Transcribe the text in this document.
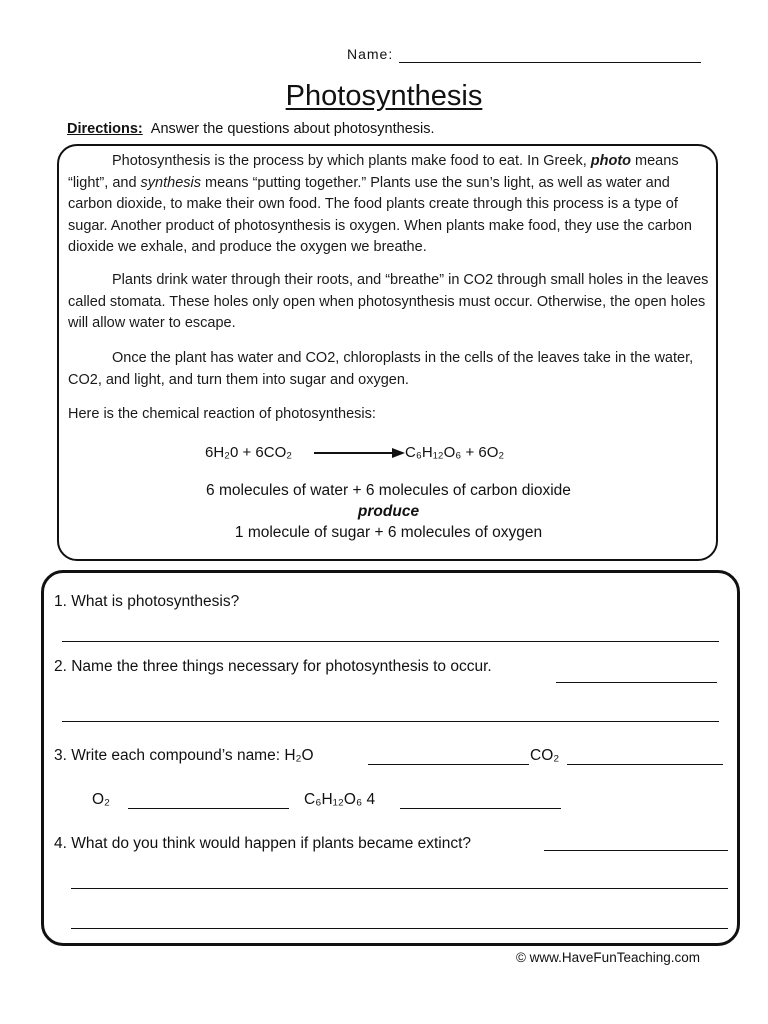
Name:
Photosynthesis
Directions: Answer the questions about photosynthesis.
Photosynthesis is the process by which plants make food to eat. In Greek, photo means “light”, and synthesis means “putting together.” Plants use the sun’s light, as well as water and carbon dioxide, to make their own food. The food plants create through this process is a type of sugar. Another product of photosynthesis is oxygen. When plants make food, they use the carbon dioxide we exhale, and produce the oxygen we breathe.
Plants drink water through their roots, and “breathe” in CO2 through small holes in the leaves called stomata. These holes only open when photosynthesis must occur. Otherwise, the open holes will allow water to escape.
Once the plant has water and CO2, chloroplasts in the cells of the leaves take in the water, CO2, and light, and turn them into sugar and oxygen.
Here is the chemical reaction of photosynthesis:
6H₂0 + 6CO₂	C₆H₁₂O₆ + 6O₂
6 molecules of water + 6 molecules of carbon dioxide
produce
1 molecule of sugar + 6 molecules of oxygen
1. What is photosynthesis?
2. Name the three things necessary for photosynthesis to occur.
3. Write each compound’s name: H₂O	CO₂
O₂	C₆H₁₂O₆ 4
4. What do you think would happen if plants became extinct?
© www.HaveFunTeaching.com
